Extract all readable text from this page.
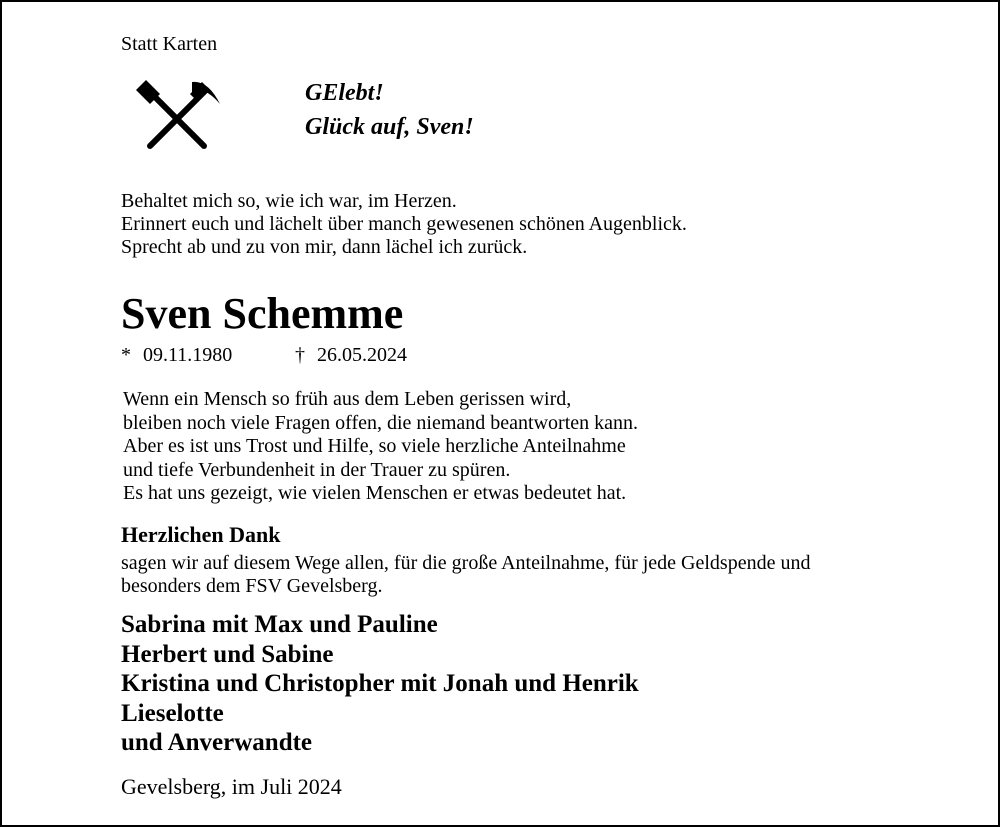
Statt Karten
GElebt!
Glück auf, Sven!
Behaltet mich so, wie ich war, im Herzen.
Erinnert euch und lächelt über manch gewesenen schönen Augenblick.
Sprecht ab und zu von mir, dann lächel ich zurück.
Sven Schemme
* 09.11.1980	† 26.05.2024
Wenn ein Mensch so früh aus dem Leben gerissen wird,
bleiben noch viele Fragen offen, die niemand beantworten kann.
Aber es ist uns Trost und Hilfe, so viele herzliche Anteilnahme
und tiefe Verbundenheit in der Trauer zu spüren.
Es hat uns gezeigt, wie vielen Menschen er etwas bedeutet hat.
Herzlichen Dank
sagen wir auf diesem Wege allen, für die große Anteilnahme, für jede Geldspende und
besonders dem FSV Gevelsberg.
Sabrina mit Max und Pauline
Herbert und Sabine
Kristina und Christopher mit Jonah und Henrik
Lieselotte
und Anverwandte
Gevelsberg, im Juli 2024
